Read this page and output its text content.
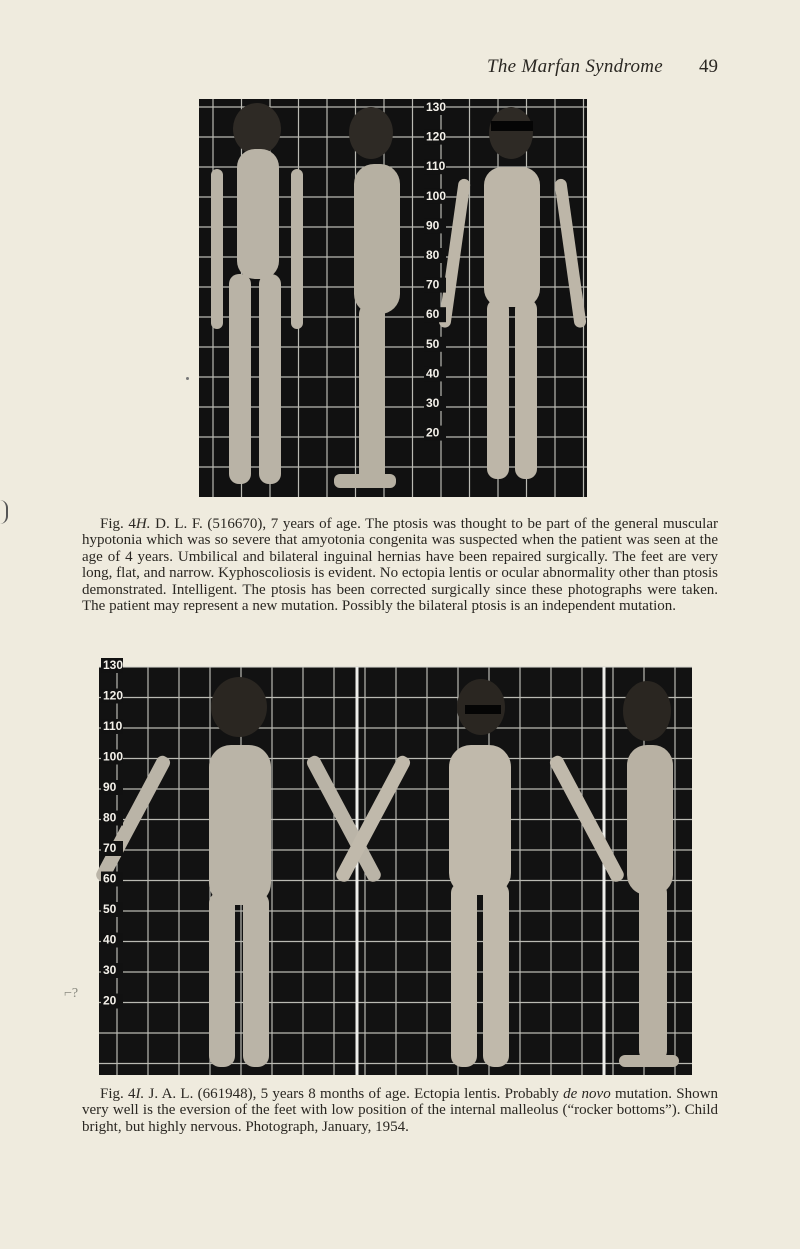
The Marfan Syndrome 49
130
120
110
100
90
80
70
60
50
40
30
20

Fig. 4H. D. L. F. (516670), 7 years of age. The ptosis was thought to be part of the general muscular hypotonia which was so severe that amyotonia congenita was suspected when the patient was seen at the age of 4 years. Umbilical and bilateral inguinal hernias have been repaired surgically. The feet are very long, flat, and narrow. Kyphoscoliosis is evident. No ectopia lentis or ocular abnormality other than ptosis demonstrated. Intelligent. The ptosis has been corrected surgically since these photographs were taken. The patient may represent a new mutation. Possibly the bilateral ptosis is an independent mutation.

130
120
110
100
90
80
70
60
50
40
30
20
⌐?

Fig. 4I. J. A. L. (661948), 5 years 8 months of age. Ectopia lentis. Probably de novo mutation. Shown very well is the eversion of the feet with low position of the internal malleolus (“rocker bottoms”). Child bright, but highly nervous. Photograph, January, 1954.
